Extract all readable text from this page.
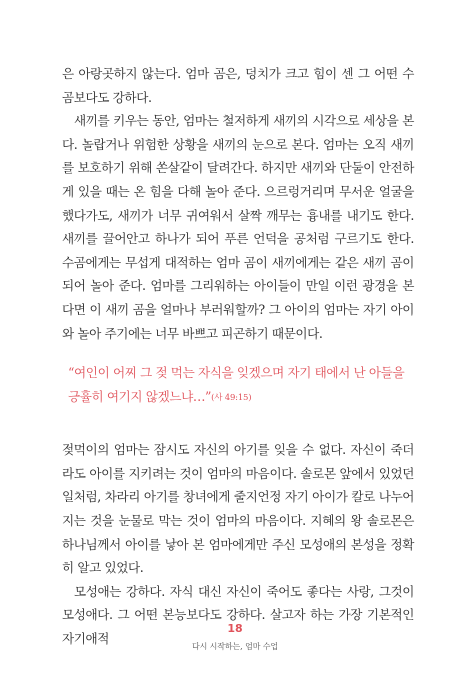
은 아랑곳하지 않는다. 엄마 곰은, 덩치가 크고 힘이 센 그 어떤 수곰보다도 강하다.

새끼를 키우는 동안, 엄마는 철저하게 새끼의 시각으로 세상을 본다. 놀랍거나 위험한 상황을 새끼의 눈으로 본다. 엄마는 오직 새끼를 보호하기 위해 쏜살같이 달려간다. 하지만 새끼와 단둘이 안전하게 있을 때는 온 힘을 다해 놀아 준다. 으르렁거리며 무서운 얼굴을 했다가도, 새끼가 너무 귀여워서 살짝 깨무는 흉내를 내기도 한다. 새끼를 끌어안고 하나가 되어 푸른 언덕을 공처럼 구르기도 한다. 수곰에게는 무섭게 대적하는 엄마 곰이 새끼에게는 같은 새끼 곰이 되어 놀아 준다. 엄마를 그리워하는 아이들이 만일 이런 광경을 본다면 이 새끼 곰을 얼마나 부러워할까? 그 아이의 엄마는 자기 아이와 놀아 주기에는 너무 바쁘고 피곤하기 때문이다.

“여인이 어찌 그 젖 먹는 자식을 잊겠으며 자기 태에서 난 아들을 긍휼히 여기지 않겠느냐…”(사 49:15)

젖먹이의 엄마는 잠시도 자신의 아기를 잊을 수 없다. 자신이 죽더라도 아이를 지키려는 것이 엄마의 마음이다. 솔로몬 앞에서 있었던 일처럼, 차라리 아기를 창녀에게 줄지언정 자기 아이가 칼로 나누어지는 것을 눈물로 막는 것이 엄마의 마음이다. 지혜의 왕 솔로몬은 하나님께서 아이를 낳아 본 엄마에게만 주신 모성애의 본성을 정확히 알고 있었다.

모성애는 강하다. 자식 대신 자신이 죽어도 좋다는 사랑, 그것이 모성애다. 그 어떤 본능보다도 강하다. 살고자 하는 가장 기본적인 자기애적

18
다시 시작하는, 엄마 수업
